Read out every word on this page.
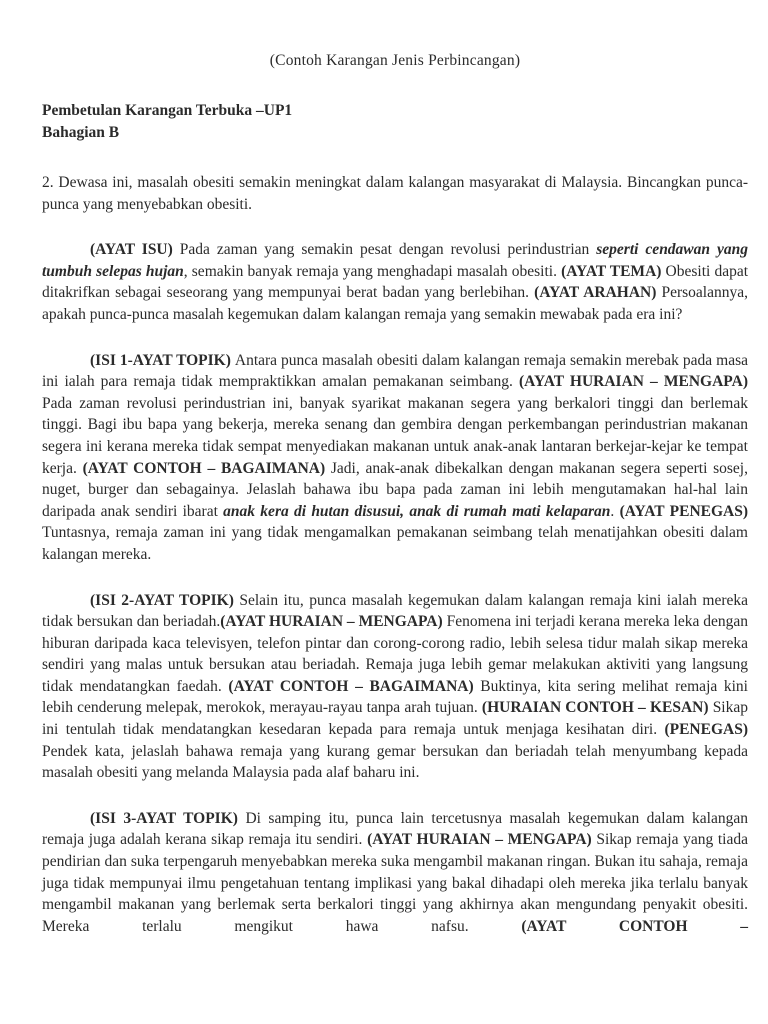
(Contoh Karangan Jenis Perbincangan)
Pembetulan Karangan Terbuka –UP1
Bahagian B
2. Dewasa ini, masalah obesiti semakin meningkat dalam kalangan masyarakat di Malaysia. Bincangkan punca-punca yang menyebabkan obesiti.
(AYAT ISU) Pada zaman yang semakin pesat dengan revolusi perindustrian seperti cendawan yang tumbuh selepas hujan, semakin banyak remaja yang menghadapi masalah obesiti. (AYAT TEMA) Obesiti dapat ditakrifkan sebagai seseorang yang mempunyai berat badan yang berlebihan. (AYAT ARAHAN) Persoalannya, apakah punca-punca masalah kegemukan dalam kalangan remaja yang semakin mewabak pada era ini?
(ISI 1-AYAT TOPIK) Antara punca masalah obesiti dalam kalangan remaja semakin merebak pada masa ini ialah para remaja tidak mempraktikkan amalan pemakanan seimbang. (AYAT HURAIAN – MENGAPA) Pada zaman revolusi perindustrian ini, banyak syarikat makanan segera yang berkalori tinggi dan berlemak tinggi. Bagi ibu bapa yang bekerja, mereka senang dan gembira dengan perkembangan perindustrian makanan segera ini kerana mereka tidak sempat menyediakan makanan untuk anak-anak lantaran berkejar-kejar ke tempat kerja. (AYAT CONTOH – BAGAIMANA) Jadi, anak-anak dibekalkan dengan makanan segera seperti sosej, nuget, burger dan sebagainya. Jelaslah bahawa ibu bapa pada zaman ini lebih mengutamakan hal-hal lain daripada anak sendiri ibarat anak kera di hutan disusui, anak di rumah mati kelaparan. (AYAT PENEGAS) Tuntasnya, remaja zaman ini yang tidak mengamalkan pemakanan seimbang telah menatijahkan obesiti dalam kalangan mereka.
(ISI 2-AYAT TOPIK) Selain itu, punca masalah kegemukan dalam kalangan remaja kini ialah mereka tidak bersukan dan beriadah.(AYAT HURAIAN – MENGAPA) Fenomena ini terjadi kerana mereka leka dengan hiburan daripada kaca televisyen, telefon pintar dan corong-corong radio, lebih selesa tidur malah sikap mereka sendiri yang malas untuk bersukan atau beriadah. Remaja juga lebih gemar melakukan aktiviti yang langsung tidak mendatangkan faedah. (AYAT CONTOH – BAGAIMANA) Buktinya, kita sering melihat remaja kini lebih cenderung melepak, merokok, merayau-rayau tanpa arah tujuan. (HURAIAN CONTOH – KESAN) Sikap ini tentulah tidak mendatangkan kesedaran kepada para remaja untuk menjaga kesihatan diri. (PENEGAS) Pendek kata, jelaslah bahawa remaja yang kurang gemar bersukan dan beriadah telah menyumbang kepada masalah obesiti yang melanda Malaysia pada alaf baharu ini.
(ISI 3-AYAT TOPIK) Di samping itu, punca lain tercetusnya masalah kegemukan dalam kalangan remaja juga adalah kerana sikap remaja itu sendiri. (AYAT HURAIAN – MENGAPA) Sikap remaja yang tiada pendirian dan suka terpengaruh menyebabkan mereka suka mengambil makanan ringan. Bukan itu sahaja, remaja juga tidak mempunyai ilmu pengetahuan tentang implikasi yang bakal dihadapi oleh mereka jika terlalu banyak mengambil makanan yang berlemak serta berkalori tinggi yang akhirnya akan mengundang penyakit obesiti. Mereka terlalu mengikut hawa nafsu. (AYAT CONTOH –
